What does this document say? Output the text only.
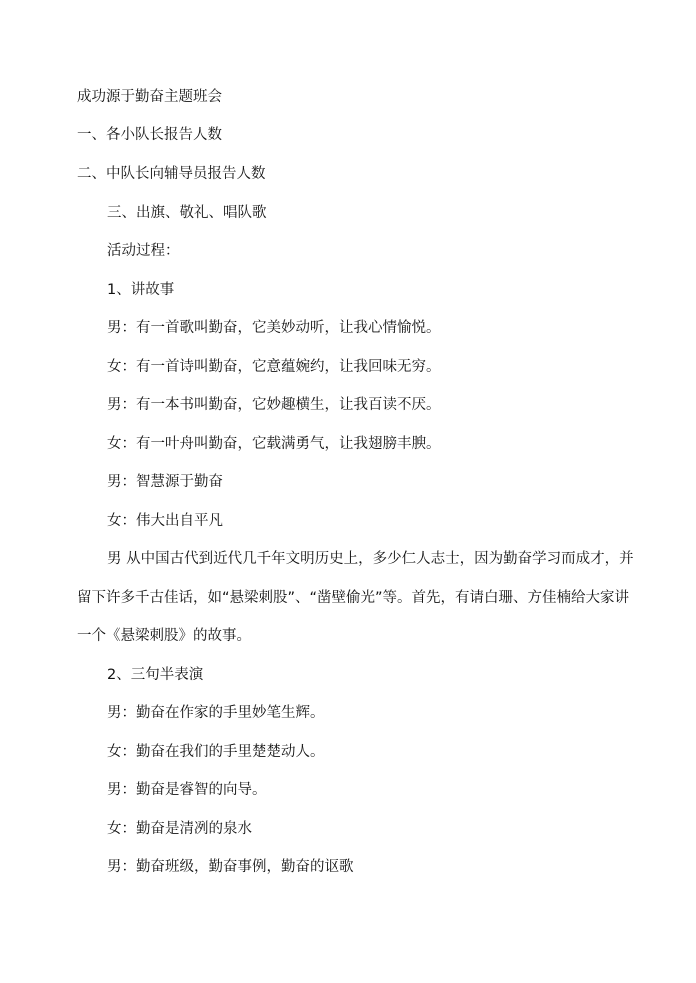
成功源于勤奋主题班会
一、各小队长报告人数
二、中队长向辅导员报告人数
三、出旗、敬礼、唱队歌
活动过程：
1、讲故事
男：有一首歌叫勤奋，它美妙动听，让我心情愉悦。
女：有一首诗叫勤奋，它意蕴婉约，让我回味无穷。
男：有一本书叫勤奋，它妙趣横生，让我百读不厌。
女：有一叶舟叫勤奋，它载满勇气，让我翅膀丰腴。
男：智慧源于勤奋
女：伟大出自平凡
男 从中国古代到近代几千年文明历史上，多少仁人志士，因为勤奋学习而成才，并留下许多千古佳话，如“悬梁刺股”、“凿壁偷光”等。首先，有请白珊、方佳楠给大家讲一个《悬梁刺股》的故事。
2、三句半表演
男：勤奋在作家的手里妙笔生辉。
女：勤奋在我们的手里楚楚动人。
男：勤奋是睿智的向导。
女：勤奋是清冽的泉水
男：勤奋班级，勤奋事例，勤奋的讴歌
